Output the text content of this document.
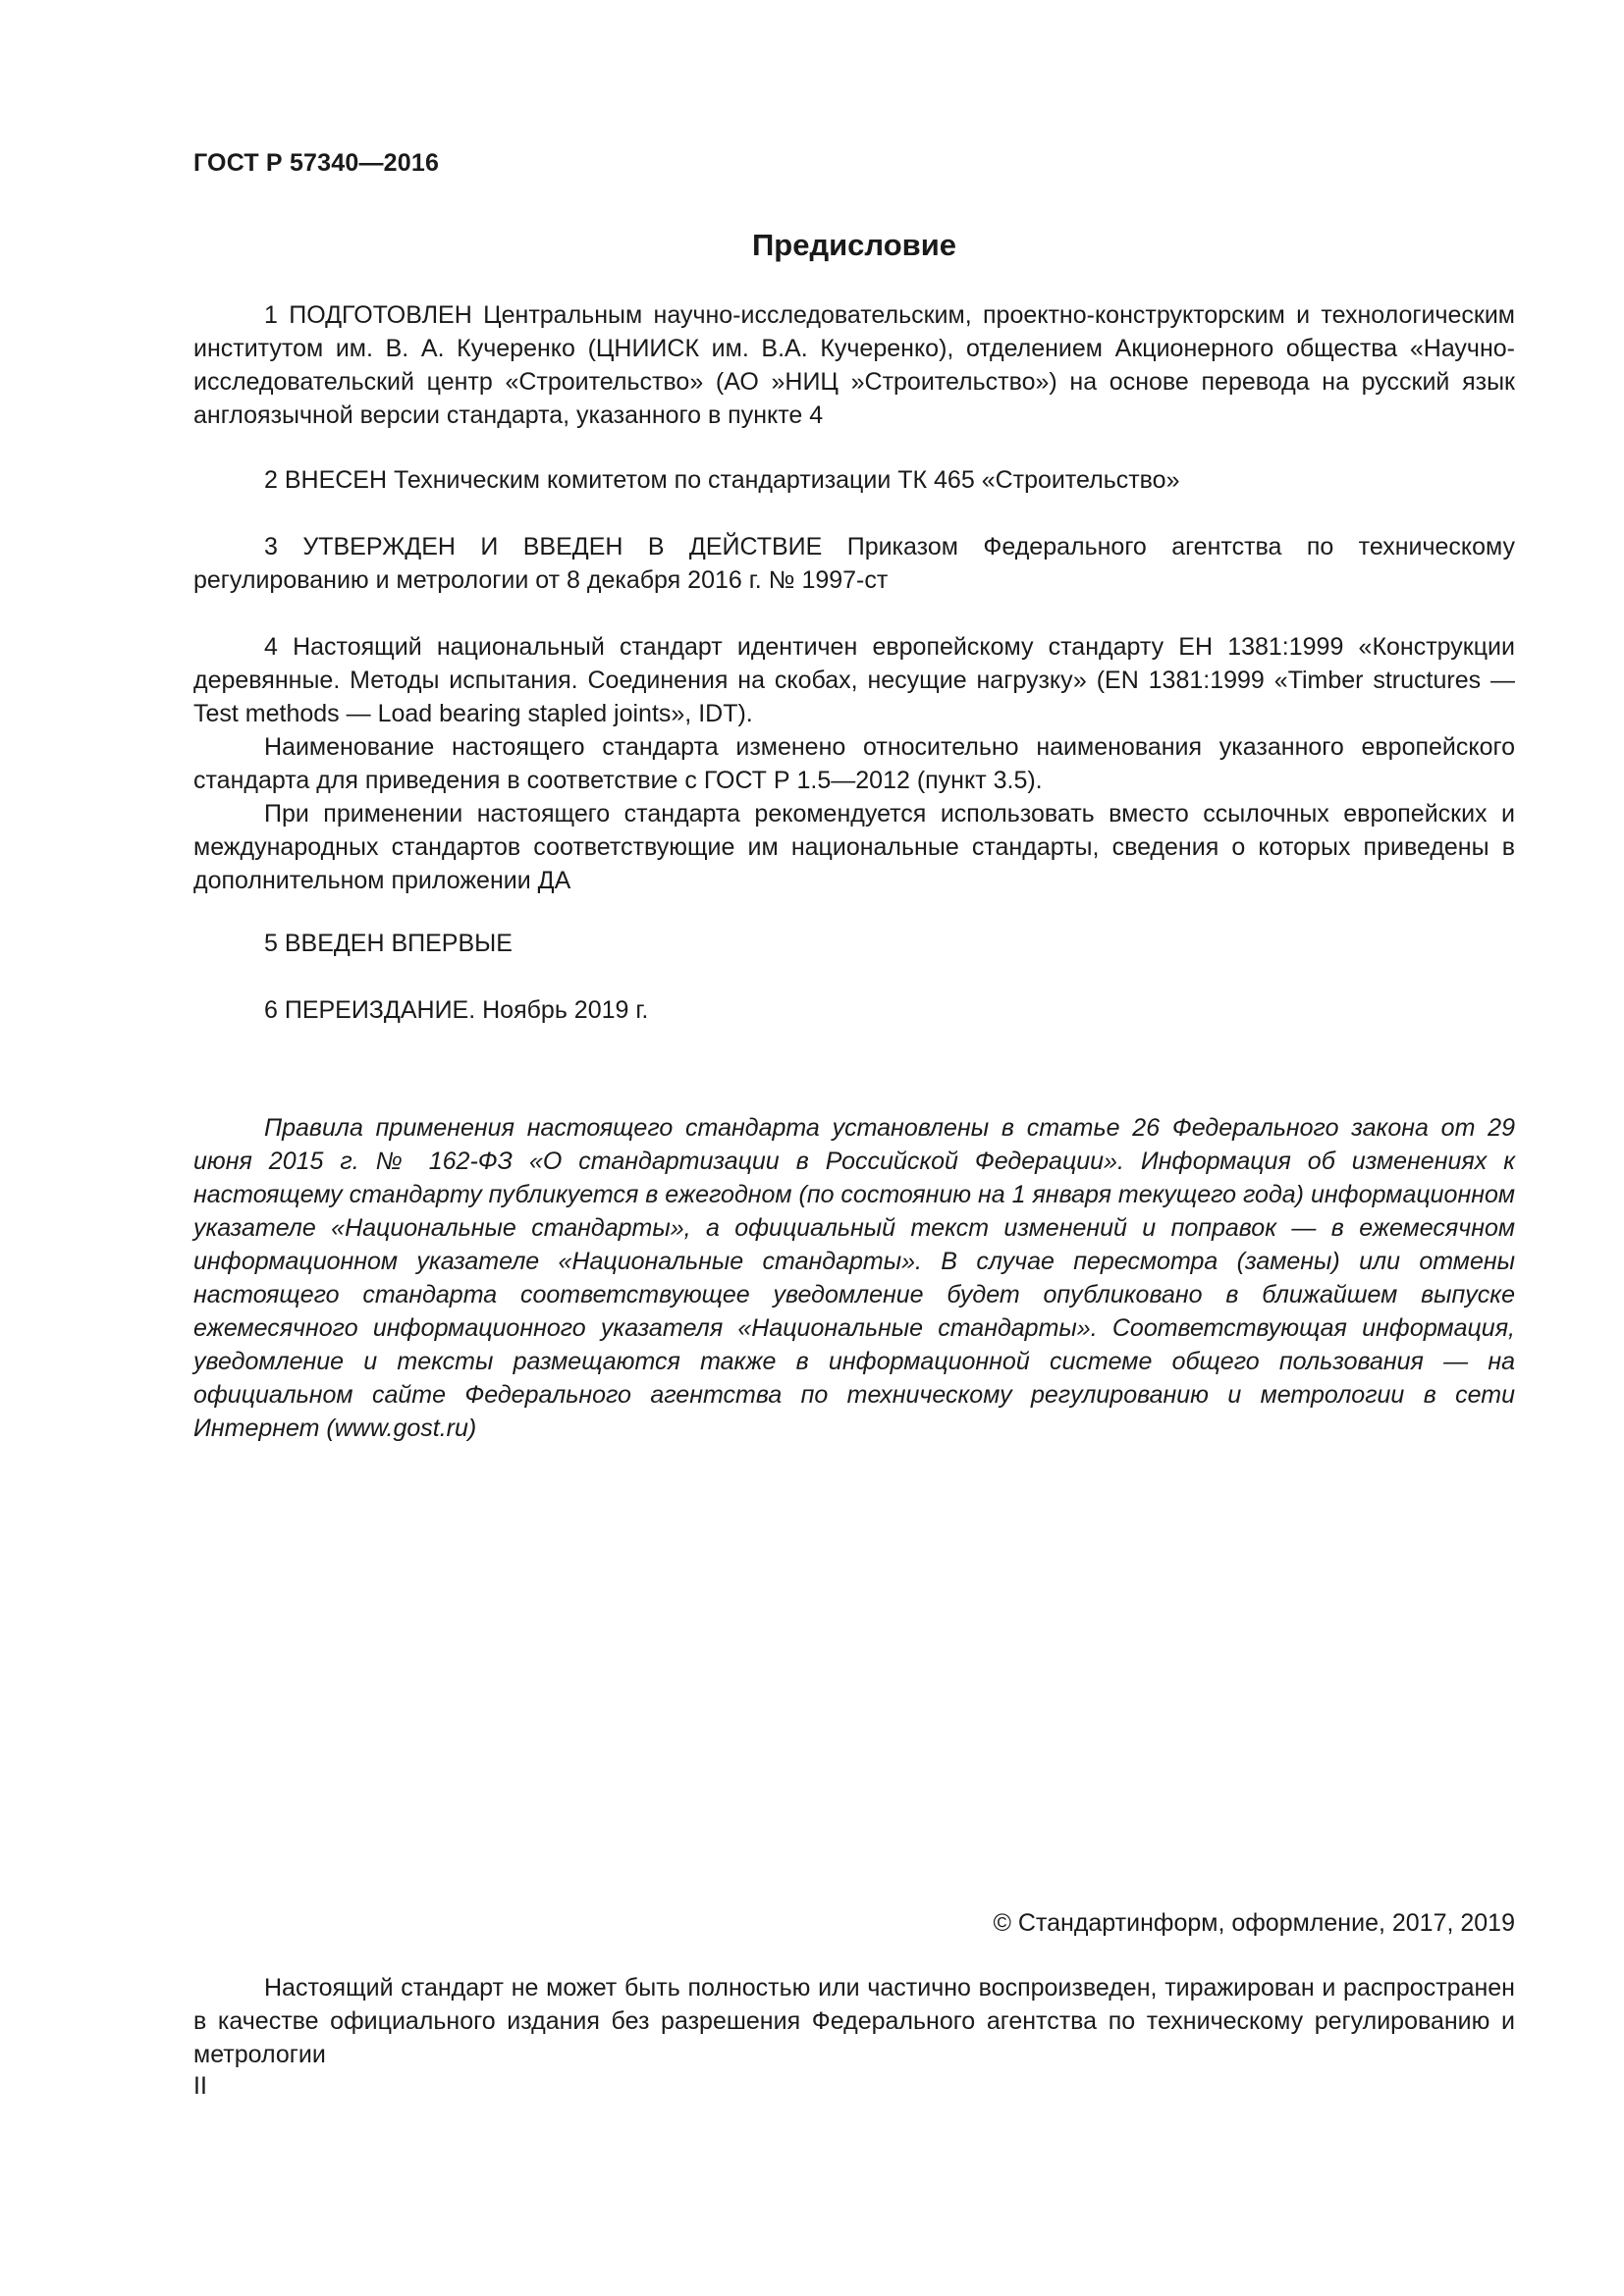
ГОСТ Р 57340—2016
Предисловие

1 ПОДГОТОВЛЕН Центральным научно-исследовательским, проектно-конструкторским и технологическим институтом им. В. А. Кучеренко (ЦНИИСК им. В.А. Кучеренко), отделением Акционерного общества «Научно-исследовательский центр «Строительство» (АО »НИЦ »Строительство») на основе перевода на русский язык англоязычной версии стандарта, указанного в пункте 4

2 ВНЕСЕН Техническим комитетом по стандартизации ТК 465 «Строительство»

3 УТВЕРЖДЕН И ВВЕДЕН В ДЕЙСТВИЕ Приказом Федерального агентства по техническому регулированию и метрологии от 8 декабря 2016 г. № 1997-ст

4 Настоящий национальный стандарт идентичен европейскому стандарту ЕН 1381:1999 «Конструкции деревянные. Методы испытания. Соединения на скобах, несущие нагрузку» (EN 1381:1999 «Timber structures — Test methods — Load bearing stapled joints», IDT).

Наименование настоящего стандарта изменено относительно наименования указанного европейского стандарта для приведения в соответствие с ГОСТ Р 1.5—2012 (пункт 3.5).

При применении настоящего стандарта рекомендуется использовать вместо ссылочных европейских и международных стандартов соответствующие им национальные стандарты, сведения о которых приведены в дополнительном приложении ДА

5 ВВЕДЕН ВПЕРВЫЕ

6 ПЕРЕИЗДАНИЕ. Ноябрь 2019 г.

Правила применения настоящего стандарта установлены в статье 26 Федерального закона от 29 июня 2015 г. № 162-ФЗ «О стандартизации в Российской Федерации». Информация об изменениях к настоящему стандарту публикуется в ежегодном (по состоянию на 1 января текущего года) информационном указателе «Национальные стандарты», а официальный текст изменений и поправок — в ежемесячном информационном указателе «Национальные стандарты». В случае пересмотра (замены) или отмены настоящего стандарта соответствующее уведомление будет опубликовано в ближайшем выпуске ежемесячного информационного указателя «Национальные стандарты». Соответствующая информация, уведомление и тексты размещаются также в информационной системе общего пользования — на официальном сайте Федерального агентства по техническому регулированию и метрологии в сети Интернет (www.gost.ru)

© Стандартинформ, оформление, 2017, 2019

Настоящий стандарт не может быть полностью или частично воспроизведен, тиражирован и распространен в качестве официального издания без разрешения Федерального агентства по техническому регулированию и метрологии

II
